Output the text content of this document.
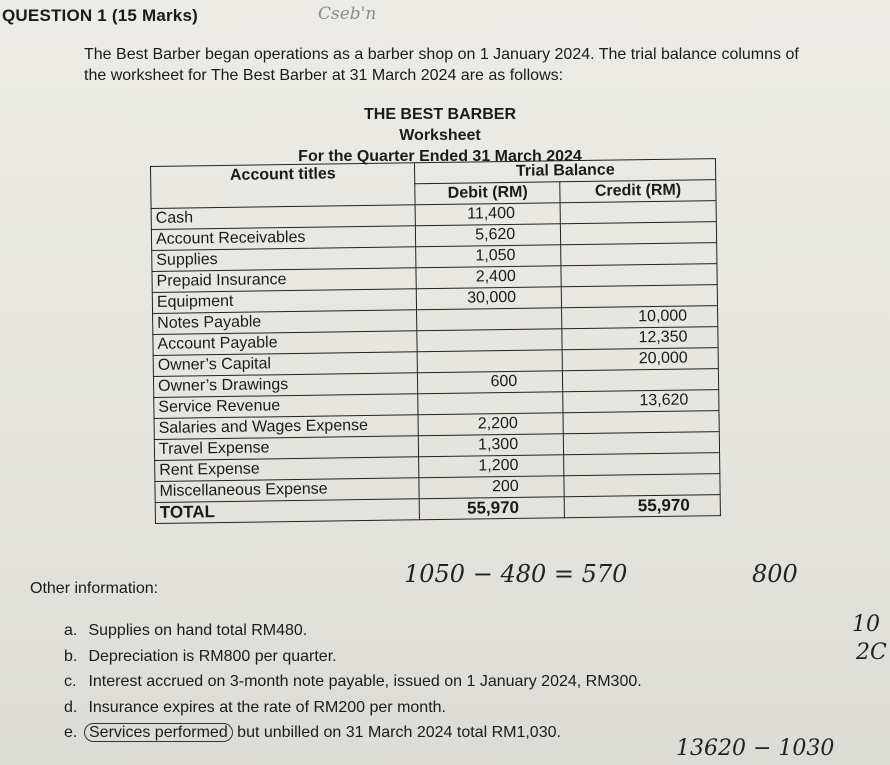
QUESTION 1 (15 Marks)	Cseb'n
The Best Barber began operations as a barber shop on 1 January 2024. The trial balance columns of the worksheet for The Best Barber at 31 March 2024 are as follows:
THE BEST BARBER
Worksheet
For the Quarter Ended 31 March 2024
Account titles	Trial Balance	
	Debit (RM)	Credit (RM)
Cash	11,400	
Account Receivables	5,620	
Supplies	1,050	
Prepaid Insurance	2,400	
Equipment	30,000	
Notes Payable		10,000
Account Payable		12,350
Owner’s Capital		20,000
Owner’s Drawings	600	
Service Revenue		13,620
Salaries and Wages Expense	2,200	
Travel Expense	1,300	
Rent Expense	1,200	
Miscellaneous Expense	200	
TOTAL	55,970	55,970
Other information:
1050 − 480 = 570	800
a. Supplies on hand total RM480.
b. Depreciation is RM800 per quarter.
c. Interest accrued on 3-month note payable, issued on 1 January 2024, RM300.
d. Insurance expires at the rate of RM200 per month.
e. Services performed but unbilled on 31 March 2024 total RM1,030.
10
2C
13620 − 1030
